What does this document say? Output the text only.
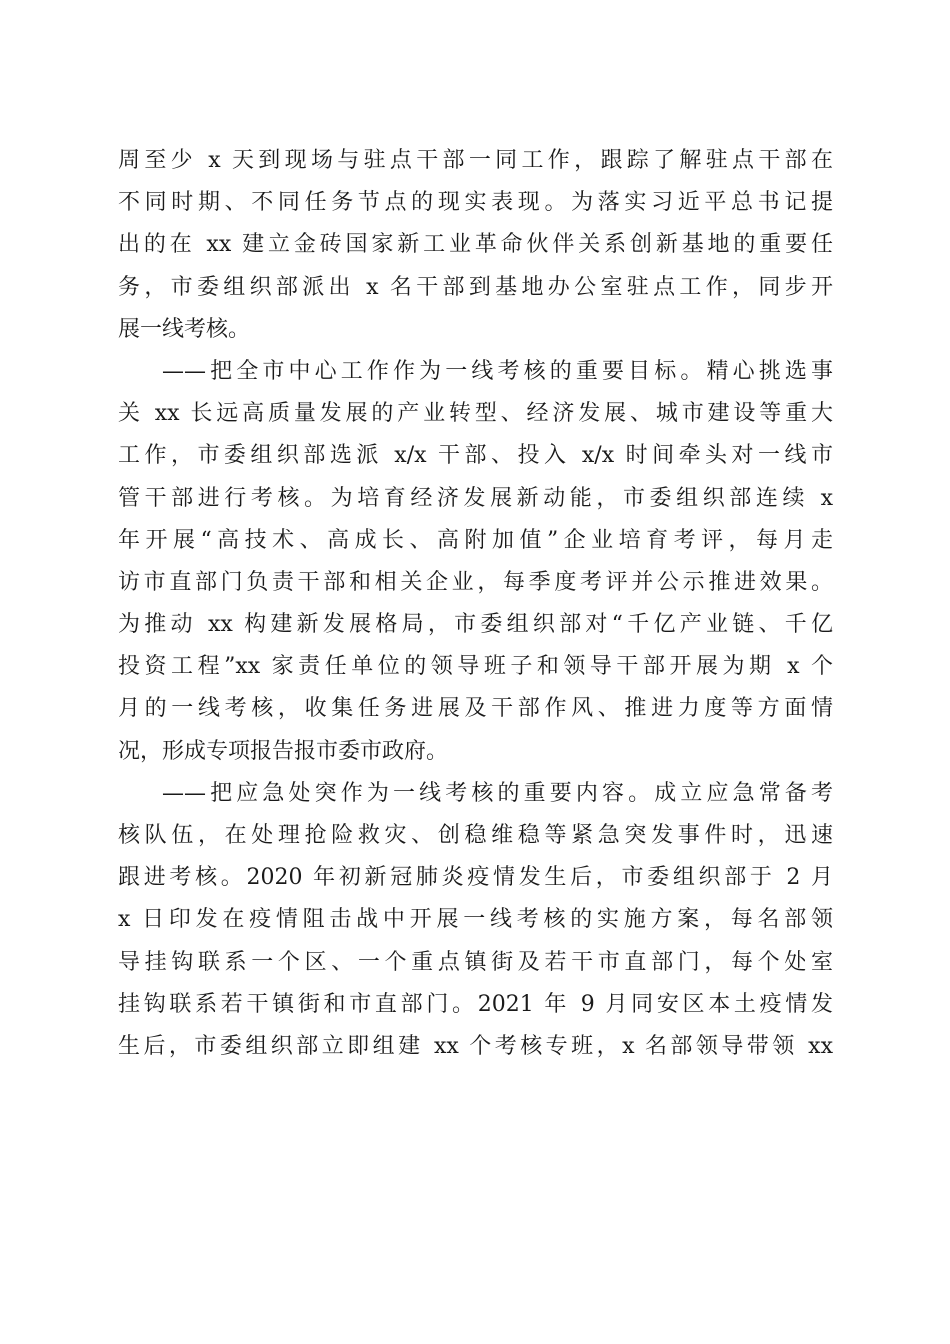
周至少 x 天到现场与驻点干部一同工作，跟踪了解驻点干部在
不同时期、不同任务节点的现实表现。为落实习近平总书记提
出的在 xx 建立金砖国家新工业革命伙伴关系创新基地的重要任
务，市委组织部派出 x 名干部到基地办公室驻点工作，同步开
展一线考核。
——把全市中心工作作为一线考核的重要目标。精心挑选事
关 xx 长远高质量发展的产业转型、经济发展、城市建设等重大
工作，市委组织部选派 x/x 干部、投入 x/x 时间牵头对一线市
管干部进行考核。为培育经济发展新动能，市委组织部连续 x
年开展“高技术、高成长、高附加值”企业培育考评，每月走
访市直部门负责干部和相关企业，每季度考评并公示推进效果。
为推动 xx 构建新发展格局，市委组织部对“千亿产业链、千亿
投资工程”xx 家责任单位的领导班子和领导干部开展为期 x 个
月的一线考核，收集任务进展及干部作风、推进力度等方面情
况，形成专项报告报市委市政府。
——把应急处突作为一线考核的重要内容。成立应急常备考
核队伍，在处理抢险救灾、创稳维稳等紧急突发事件时，迅速
跟进考核。2020 年初新冠肺炎疫情发生后，市委组织部于 2 月
x 日印发在疫情阻击战中开展一线考核的实施方案，每名部领
导挂钩联系一个区、一个重点镇街及若干市直部门，每个处室
挂钩联系若干镇街和市直部门。2021 年 9 月同安区本土疫情发
生后，市委组织部立即组建 xx 个考核专班，x 名部领导带领 xx
